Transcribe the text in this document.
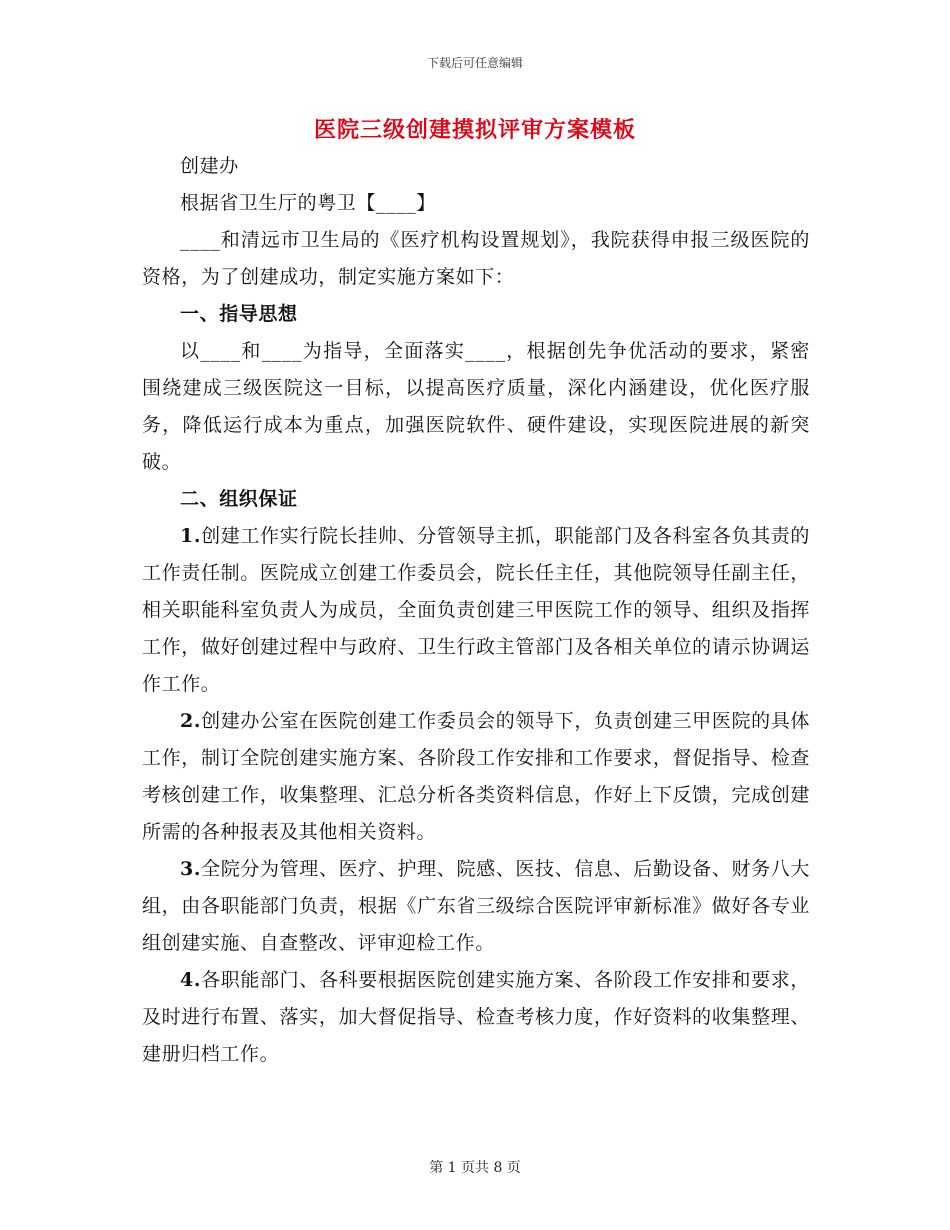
下载后可任意编辑
医院三级创建摸拟评审方案模板

创建办

根据省卫生厅的粤卫【____】

____和清远市卫生局的《医疗机构设置规划》，我院获得申报三级医院的资格，为了创建成功，制定实施方案如下：

一、指导思想

以____和____为指导，全面落实____，根据创先争优活动的要求，紧密围绕建成三级医院这一目标，以提高医疗质量，深化内涵建设，优化医疗服务，降低运行成本为重点，加强医院软件、硬件建设，实现医院进展的新突破。

二、组织保证

1.创建工作实行院长挂帅、分管领导主抓，职能部门及各科室各负其责的工作责任制。医院成立创建工作委员会，院长任主任，其他院领导任副主任，相关职能科室负责人为成员，全面负责创建三甲医院工作的领导、组织及指挥工作，做好创建过程中与政府、卫生行政主管部门及各相关单位的请示协调运作工作。

2.创建办公室在医院创建工作委员会的领导下，负责创建三甲医院的具体工作，制订全院创建实施方案、各阶段工作安排和工作要求，督促指导、检查考核创建工作，收集整理、汇总分析各类资料信息，作好上下反馈，完成创建所需的各种报表及其他相关资料。

3.全院分为管理、医疗、护理、院感、医技、信息、后勤设备、财务八大组，由各职能部门负责，根据《广东省三级综合医院评审新标准》做好各专业组创建实施、自查整改、评审迎检工作。

4.各职能部门、各科要根据医院创建实施方案、各阶段工作安排和要求，及时进行布置、落实，加大督促指导、检查考核力度，作好资料的收集整理、建册归档工作。

第 1 页共 8 页
